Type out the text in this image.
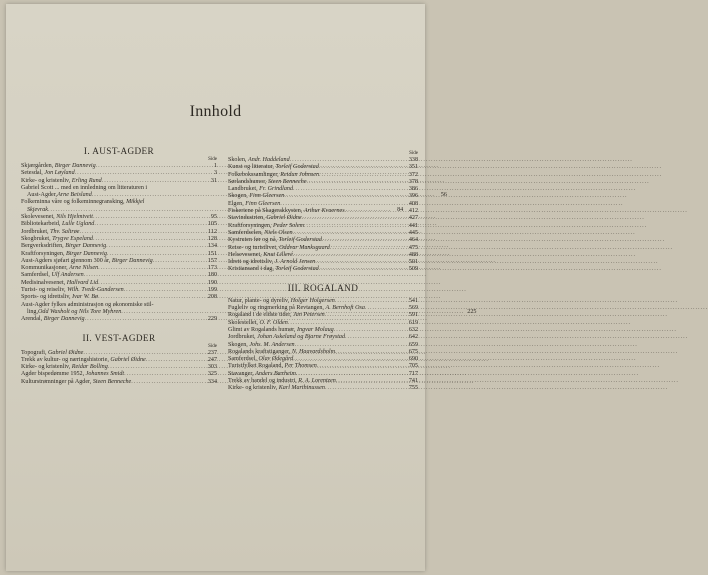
Innhold
I. AUST-AGDER
Side
Skjærgården, Birger Dannevig .....	1
Setesdal, Jon Løyland .....	3
Kirke- og kristenliv, Erling Rund .....	31
Gabriel Scott ... med en innledning om litteraturen i
Aust-Agder, Arne Beisland .....	56
Folkeminna våre og folkeminnegransking, Mikkjel
Skjevrak .....	84
Skolevesenet, Nils Hjelmtveit .....	95
Bibliotekarbeid, Lulle Ugland .....	105
Jordbruket, Thv. Saltrøe .....	112
Skogbruket, Trygve Espeland .....	128
Bergverksdriften, Birger Dannevig .....	134
Kraftforsyningen, Birger Dannevig .....	151
Aust-Agders sjøfart gjennom 300 år, Birger Dannevig .....	157
Kommunikasjoner, Arne Nilsen .....	173
Samferdsel, Ulf Andersen .....	180
Medisinalvesenet, Hallvard Lid .....	190
Turist- og reiseliv, Wilh. Tvedt-Gundersen .....	199
Sports- og idrettsliv, Ivar W. Bø .....	208
Aust-Agder fylkes administrasjon og økonomiske stil-
ling, Odd Waxholt og Nils Tore Myhren .....	225
Arendal, Birger Dannevig .....	229
II. VEST-AGDER
Side
Topografi, Gabriel Øidne .....	237
Trekk av kultur- og næringshistorie, Gabriel Øidne .....	247
Kirke- og kristenliv, Reidar Bolling .....	303
Agder bispedømme 1952, Johannes Smidt .....	325
Kulturstrømninger på Agder, Steen Benneche .....	334
Side
Skolen, Andr. Haddeland .....	338
Kunst og litteratur, Torleif Goderstad .....	351
Folkebokssamlinger, Reidun Johnsen .....	372
Sørlandshumor, Steen Benneche .....	378
Landbruket, Fr. Grindland .....	386
Skogen, Finn Gleersen .....	396
Elgen, Finn Gleersen .....	408
Fiskeriene på Skagerakkysten, Arthur Kvaernes .....	412
Stavindustrien, Gabriel Øidne .....	427
Kraftforsyningen, Peder Solem .....	441
Samferdselen, Niels Olsen .....	445
Kystruten før og nå, Torleif Goderstad .....	464
Reise- og turistlivet, Oddvar Munksgaard .....	475
Helsevesenet, Knut Lilleré .....	488
Idrett og idrettsliv, J. Arnold Jensen .....	501
Kristiansand i dag, Torleif Goderstad .....	509
III. ROGALAND
Natur, plante- og dyreliv, Holger Holgersen .....	541
Fugleliv og ringmerking på Revtangen, A. Bernhoft Osa .....	569
Rogaland i de eldste tider, Jan Petersen .....	591
Skolestellet, O. F. Olden .....	619
Glimt av Rogalands humør, Ingvar Molaug .....	632
Jordbruket, Johan Askeland og Bjarne Frøystad .....	642
Skogen, Johs. M. Andersen .....	659
Rogalands kraftstiganger, N. Haavardsholm .....	675
Samferdsel, Olav Ødegård .....	690
Turistfylket Rogaland, Per Thomsen .....	705
Stavanger, Anders Bærheim .....	717
Trekk av handel og industri, R. A. Lorentzen .....	741
Kirke- og kristenliv, Karl Marthinussen .....	755
